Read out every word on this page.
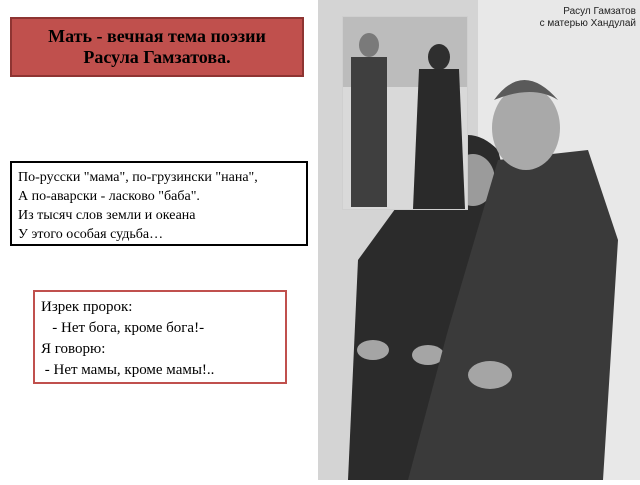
Мать - вечная тема поэзии
Расула Гамзатова.
По-русски "мама", по-грузински "нана",
А по-аварски - ласково "баба".
Из тысяч слов земли и океана
У этого особая судьба…
Изрек пророк:
- Нет бога, кроме бога!-
Я говорю:
- Нет мамы, кроме мамы!..
Расул Гамзатов
с матерью Хандулай
